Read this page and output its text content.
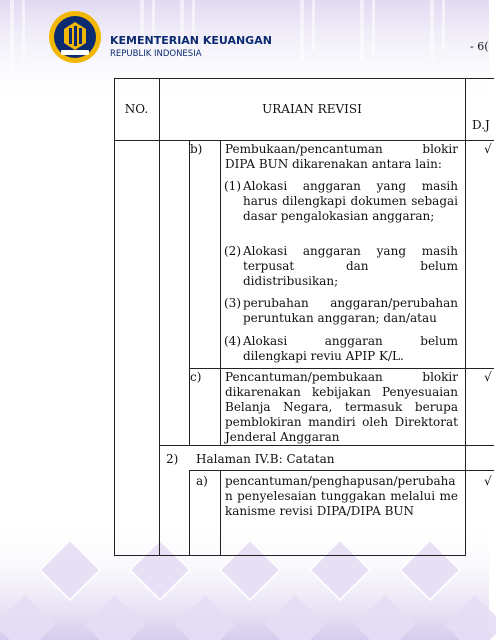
KEMENTERIAN KEUANGAN
REPUBLIK INDONESIA
- 6(
NO.	URAIAN REVISI
D.J
b) Pembukaan/pencantuman blokir
DIPA BUN dikarenakan antara lain:
√
(1) Alokasi anggaran yang masih harus dilengkapi dokumen sebagai dasar pengalokasian anggaran;
(2) Alokasi anggaran yang masih terpusat dan belum didistribusikan;
(3) perubahan anggaran/perubahan peruntukan anggaran; dan/atau
(4) Alokasi anggaran belum dilengkapi reviu APIP K/L.
c) Pencantuman/pembukaan blokir dikarenakan kebijakan Penyesuaian Belanja Negara, termasuk berupa pemblokiran mandiri oleh Direktorat Jenderal Anggaran
√
2) Halaman IV.B: Catatan
a) pencantuman/penghapusan/perubahan penyelesaian tunggakan melalui mekanisme revisi DIPA/DIPA BUN
√
